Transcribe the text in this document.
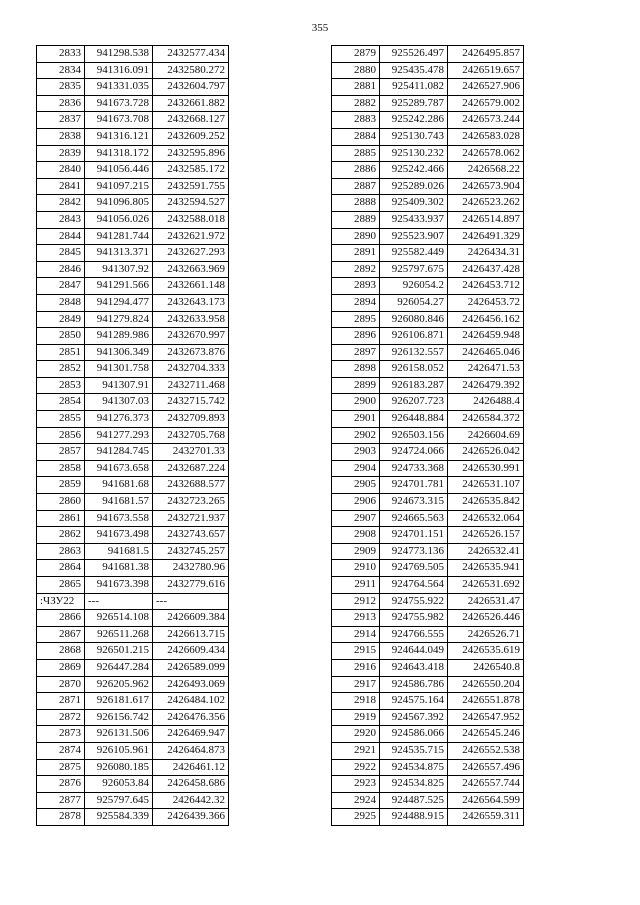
355
2833	941298.538	2432577.434
2834	941316.091	2432580.272
2835	941331.035	2432604.797
2836	941673.728	2432661.882
2837	941673.708	2432668.127
2838	941316.121	2432609.252
2839	941318.172	2432595.896
2840	941056.446	2432585.172
2841	941097.215	2432591.755
2842	941096.805	2432594.527
2843	941056.026	2432588.018
2844	941281.744	2432621.972
2845	941313.371	2432627.293
2846	941307.92	2432663.969
2847	941291.566	2432661.148
2848	941294.477	2432643.173
2849	941279.824	2432633.958
2850	941289.986	2432670.997
2851	941306.349	2432673.876
2852	941301.758	2432704.333
2853	941307.91	2432711.468
2854	941307.03	2432715.742
2855	941276.373	2432709.893
2856	941277.293	2432705.768
2857	941284.745	2432701.33
2858	941673.658	2432687.224
2859	941681.68	2432688.577
2860	941681.57	2432723.265
2861	941673.558	2432721.937
2862	941673.498	2432743.657
2863	941681.5	2432745.257
2864	941681.38	2432780.96
2865	941673.398	2432779.616
:ЧЗУ22	---	---
2866	926514.108	2426609.384
2867	926511.268	2426613.715
2868	926501.215	2426609.434
2869	926447.284	2426589.099
2870	926205.962	2426493.069
2871	926181.617	2426484.102
2872	926156.742	2426476.356
2873	926131.506	2426469.947
2874	926105.961	2426464.873
2875	926080.185	2426461.12
2876	926053.84	2426458.686
2877	925797.645	2426442.32
2878	925584.339	2426439.366
2879	925526.497	2426495.857
2880	925435.478	2426519.657
2881	925411.082	2426527.906
2882	925289.787	2426579.002
2883	925242.286	2426573.244
2884	925130.743	2426583.028
2885	925130.232	2426578.062
2886	925242.466	2426568.22
2887	925289.026	2426573.904
2888	925409.302	2426523.262
2889	925433.937	2426514.897
2890	925523.907	2426491.329
2891	925582.449	2426434.31
2892	925797.675	2426437.428
2893	926054.2	2426453.712
2894	926054.27	2426453.72
2895	926080.846	2426456.162
2896	926106.871	2426459.948
2897	926132.557	2426465.046
2898	926158.052	2426471.53
2899	926183.287	2426479.392
2900	926207.723	2426488.4
2901	926448.884	2426584.372
2902	926503.156	2426604.69
2903	924724.066	2426526.042
2904	924733.368	2426530.991
2905	924701.781	2426531.107
2906	924673.315	2426535.842
2907	924665.563	2426532.064
2908	924701.151	2426526.157
2909	924773.136	2426532.41
2910	924769.505	2426535.941
2911	924764.564	2426531.692
2912	924755.922	2426531.47
2913	924755.982	2426526.446
2914	924766.555	2426526.71
2915	924644.049	2426535.619
2916	924643.418	2426540.8
2917	924586.786	2426550.204
2918	924575.164	2426551.878
2919	924567.392	2426547.952
2920	924586.066	2426545.246
2921	924535.715	2426552.538
2922	924534.875	2426557.496
2923	924534.825	2426557.744
2924	924487.525	2426564.599
2925	924488.915	2426559.311
